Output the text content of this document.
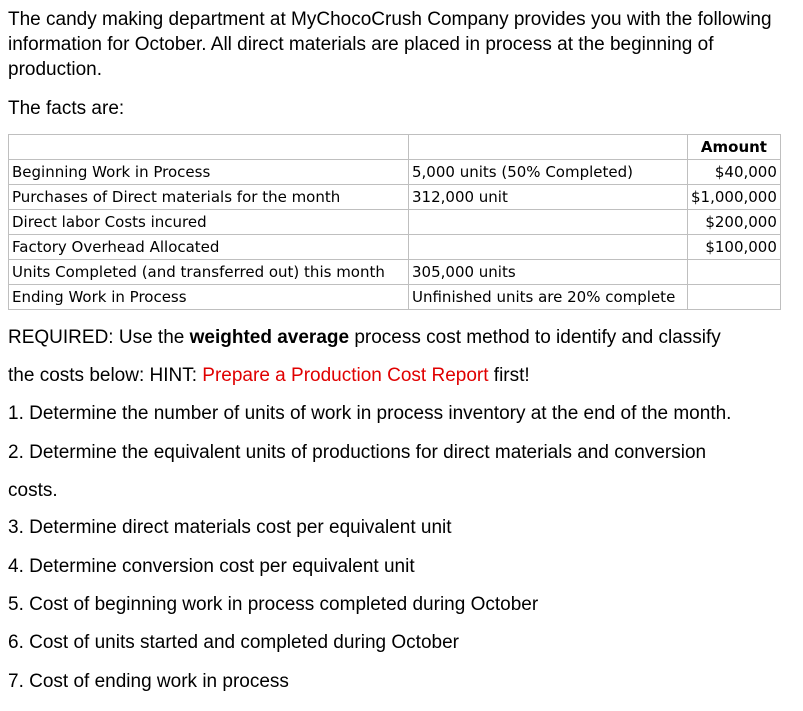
The candy making department at MyChocoCrush Company provides you with the following information for October. All direct materials are placed in process at the beginning of production.

The facts are:

		Amount
Beginning Work in Process	5,000 units (50% Completed)	$40,000
Purchases of Direct materials for the month	312,000 unit	$1,000,000
Direct labor Costs incured		$200,000
Factory Overhead Allocated		$100,000
Units Completed (and transferred out) this month	305,000 units	
Ending Work in Process	Unfinished units are 20% complete	

REQUIRED: Use the weighted average process cost method to identify and classify

the costs below: HINT: Prepare a Production Cost Report first!

1. Determine the number of units of work in process inventory at the end of the month.

2. Determine the equivalent units of productions for direct materials and conversion

costs.

3. Determine direct materials cost per equivalent unit

4. Determine conversion cost per equivalent unit

5. Cost of beginning work in process completed during October

6. Cost of units started and completed during October

7. Cost of ending work in process
